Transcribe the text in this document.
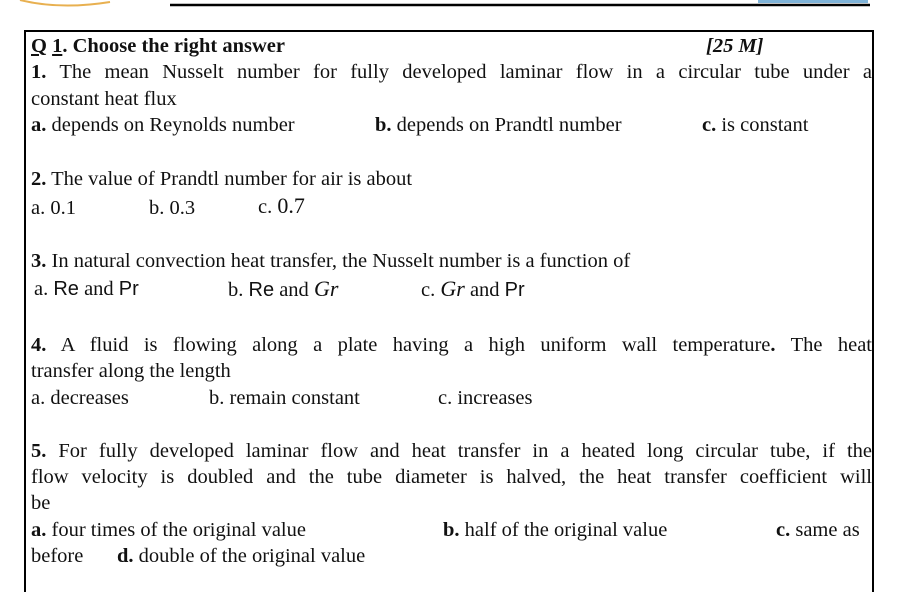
Q 1. Choose the right answer	[25 M]
1. The mean Nusselt number for fully developed laminar flow in a circular tube under a
constant heat flux
a. depends on Reynolds number	b. depends on Prandtl number	c. is constant
2. The value of Prandtl number for air is about
a. 0.1	b. 0.3	c. 0.7
3. In natural convection heat transfer, the Nusselt number is a function of
a. Re and Pr	b. Re and Gr	c. Gr and Pr
4. A fluid is flowing along a plate having a high uniform wall temperature. The heat
transfer along the length
a. decreases	b. remain constant	c. increases
5. For fully developed laminar flow and heat transfer in a heated long circular tube, if the
flow velocity is doubled and the tube diameter is halved, the heat transfer coefficient will
be
a. four times of the original value	b. half of the original value	c. same as
before d. double of the original value
